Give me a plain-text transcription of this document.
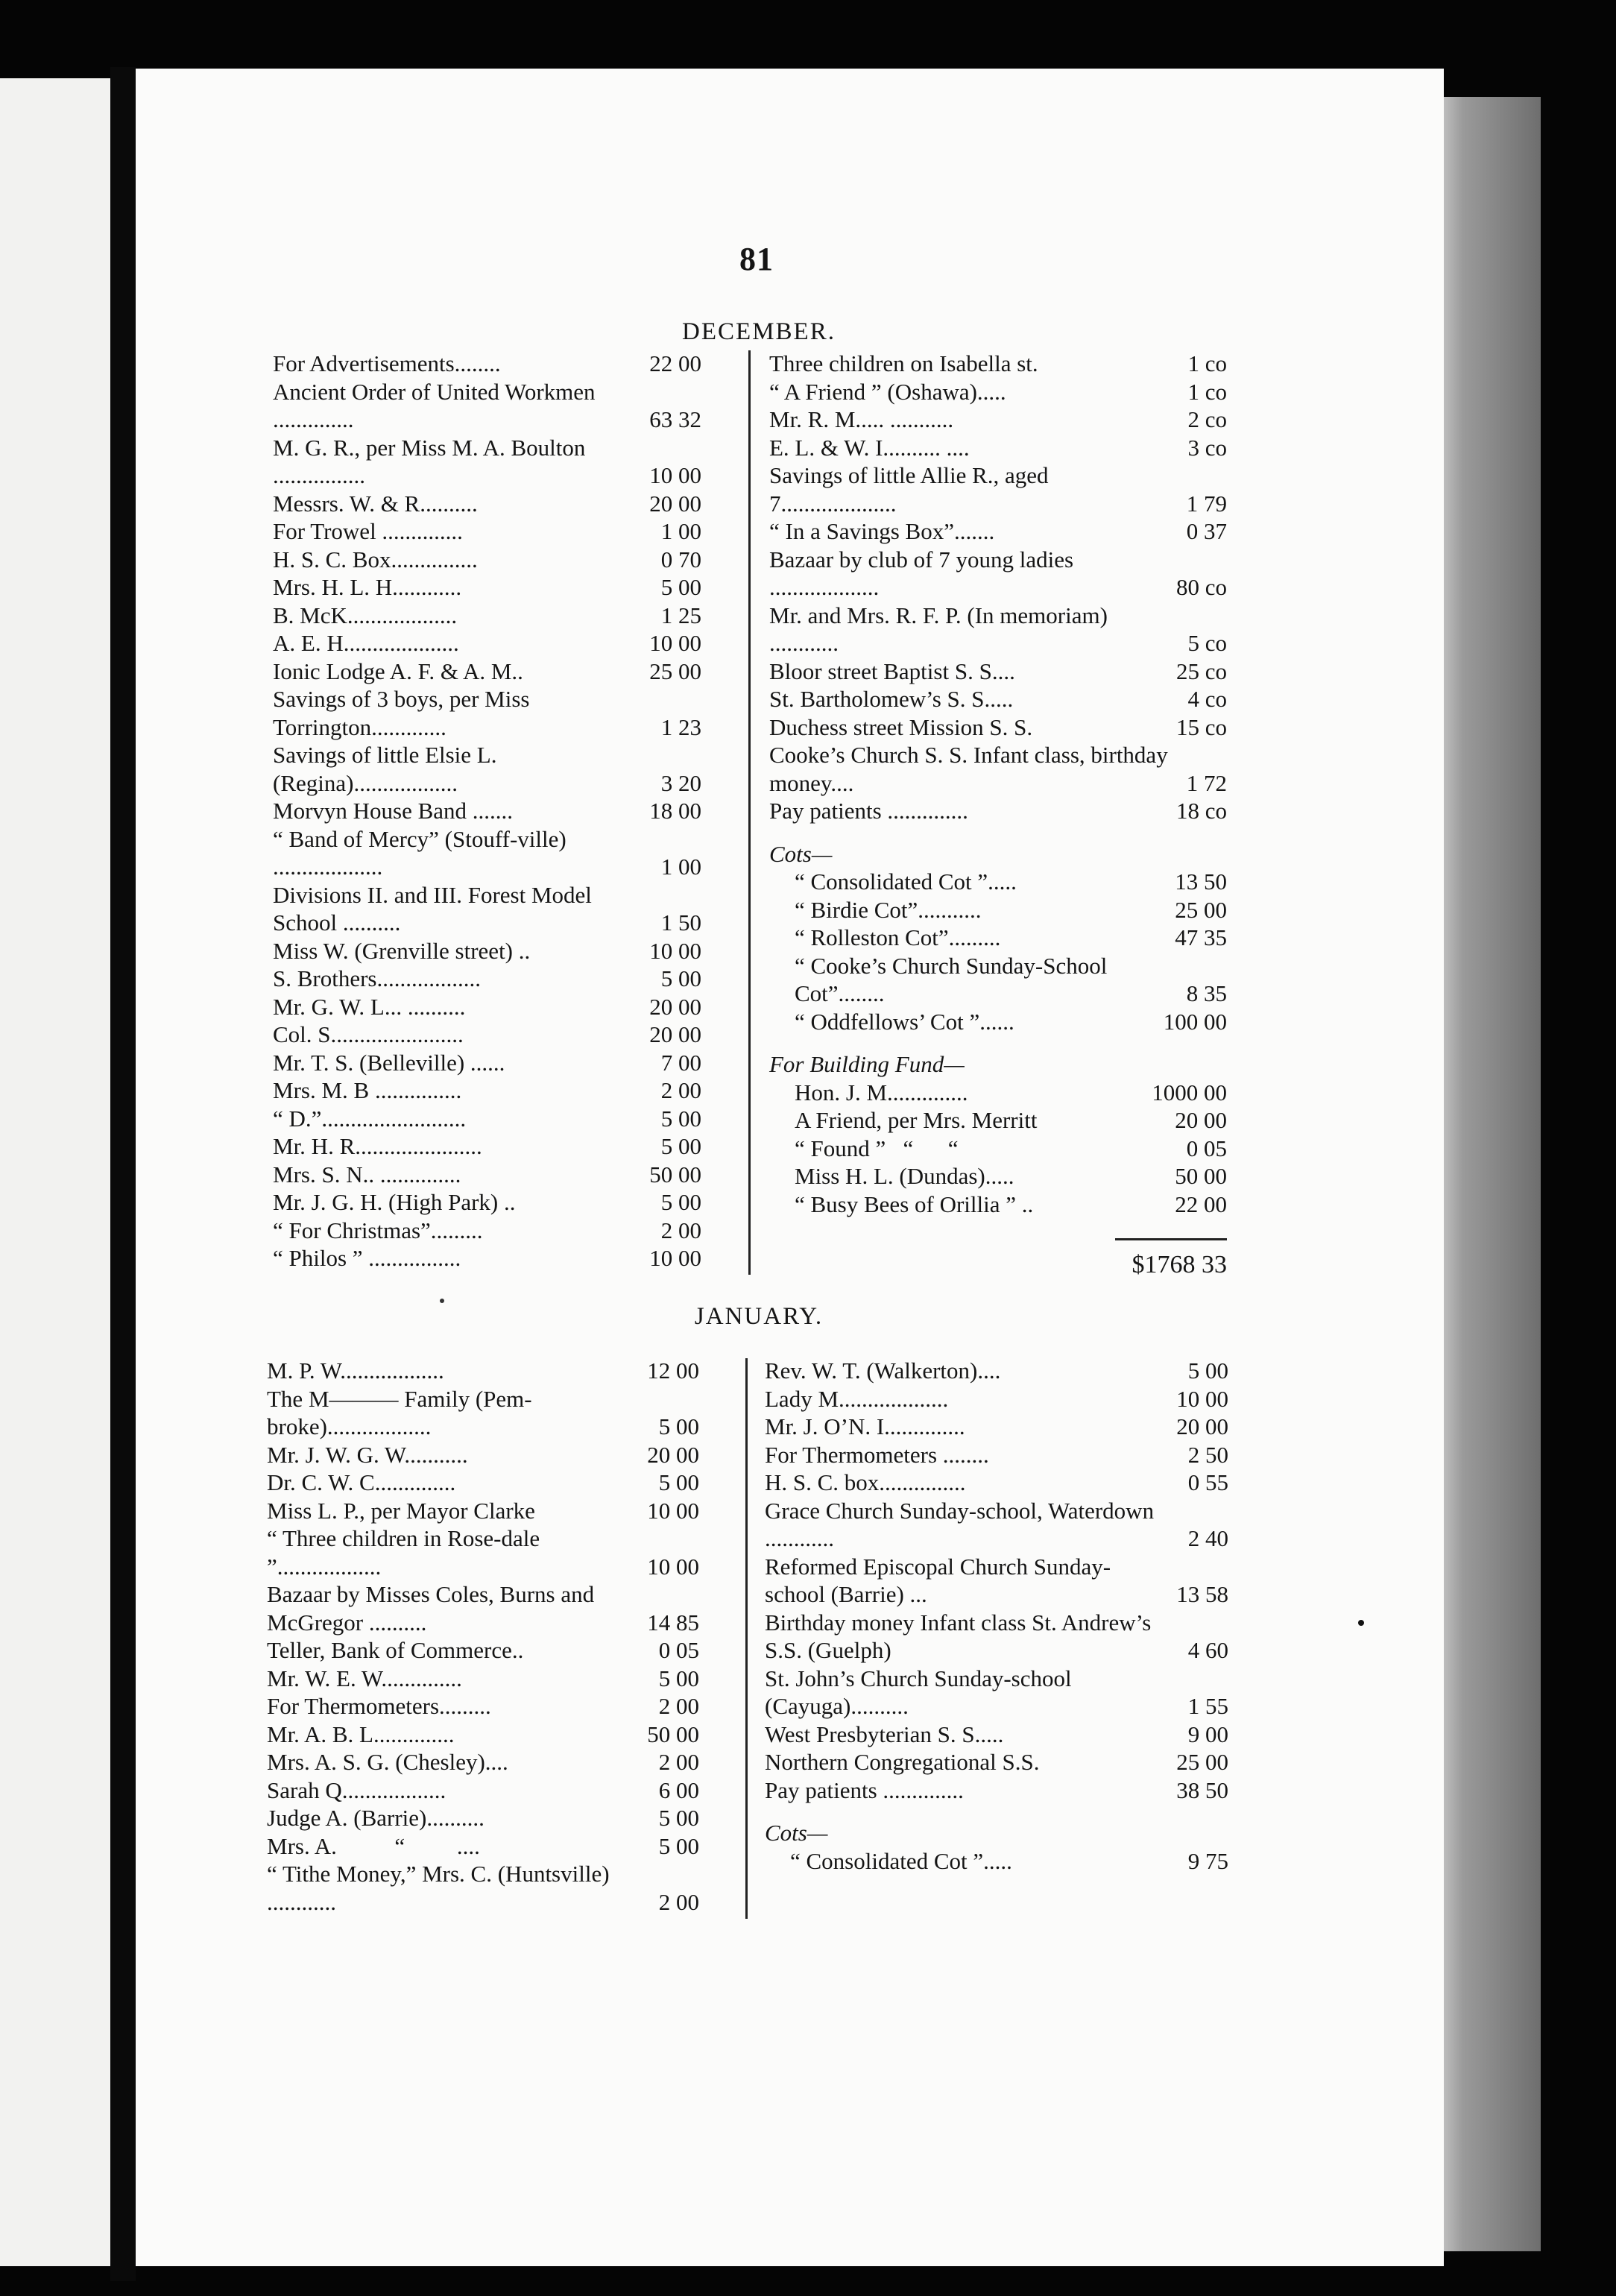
81
DECEMBER.
For Advertisements........	22 00
Ancient Order of United Workmen ..............	63 32
M. G. R., per Miss M. A. Boulton ................	10 00
Messrs. W. & R..........	20 00
For Trowel ..............	1 00
H. S. C. Box...............	0 70
Mrs. H. L. H............	5 00
B. McK...................	1 25
A. E. H....................	10 00
Ionic Lodge A. F. & A. M..	25 00
Savings of 3 boys, per Miss Torrington.............	1 23
Savings of little Elsie L. (Regina)..................	3 20
Morvyn House Band .......	18 00
“ Band of Mercy” (Stouff-ville) ...................	1 00
Divisions II. and III. Forest Model School ..........	1 50
Miss W. (Grenville street) ..	10 00
S. Brothers..................	5 00
Mr. G. W. L... ..........	20 00
Col. S.......................	20 00
Mr. T. S. (Belleville) ......	7 00
Mrs. M. B ...............	2 00
“ D.”.........................	5 00
Mr. H. R......................	5 00
Mrs. S. N.. ..............	50 00
Mr. J. G. H. (High Park) ..	5 00
“ For Christmas”.........	2 00
“ Philos ” ................	10 00
Three children on Isabella st.	1 co
“ A Friend ” (Oshawa).....	1 co
Mr. R. M..... ...........	2 co
E. L. & W. I.......... ....	3 co
Savings of little Allie R., aged 7....................	1 79
“ In a Savings Box”.......	0 37
Bazaar by club of 7 young ladies ...................	80 co
Mr. and Mrs. R. F. P. (In memoriam) ............	5 co
Bloor street Baptist S. S....	25 co
St. Bartholomew’s S. S.....	4 co
Duchess street Mission S. S.	15 co
Cooke’s Church S. S. Infant class, birthday money....	1 72
Pay patients ..............	18 co
Cots—
“ Consolidated Cot ”.....	13 50
“ Birdie Cot”...........	25 00
“ Rolleston Cot”.........	47 35
“ Cooke’s Church Sunday-School Cot”........	8 35
“ Oddfellows’ Cot ”......	100 00
For Building Fund—
Hon. J. M..............	1000 00
A Friend, per Mrs. Merritt	20 00
“ Found ”   “      “	0 05
Miss H. L. (Dundas).....	50 00
“ Busy Bees of Orillia ” ..	22 00
$1768 33
JANUARY.
M. P. W..................	12 00
The M——— Family (Pem-broke)..................	5 00
Mr. J. W. G. W...........	20 00
Dr. C. W. C..............	5 00
Miss L. P., per Mayor Clarke	10 00
“ Three children in Rose-dale ”..................	10 00
Bazaar by Misses Coles, Burns and McGregor ..........	14 85
Teller, Bank of Commerce..	0 05
Mr. W. E. W..............	5 00
For Thermometers.........	2 00
Mr. A. B. L..............	50 00
Mrs. A. S. G. (Chesley)....	2 00
Sarah Q..................	6 00
Judge A. (Barrie)..........	5 00
Mrs. A.          “         ....	5 00
“ Tithe Money,” Mrs. C. (Huntsville) ............	2 00
Rev. W. T. (Walkerton)....	5 00
Lady M...................	10 00
Mr. J. O’N. I..............	20 00
For Thermometers ........	2 50
H. S. C. box...............	0 55
Grace Church Sunday-school, Waterdown ............	2 40
Reformed Episcopal Church Sunday-school (Barrie) ...	13 58
Birthday money Infant class St. Andrew’s S.S. (Guelph)	4 60
St. John’s Church Sunday-school (Cayuga)..........	1 55
West Presbyterian S. S.....	9 00
Northern Congregational S.S.	25 00
Pay patients ..............	38 50
Cots—
“ Consolidated Cot ”.....	9 75
